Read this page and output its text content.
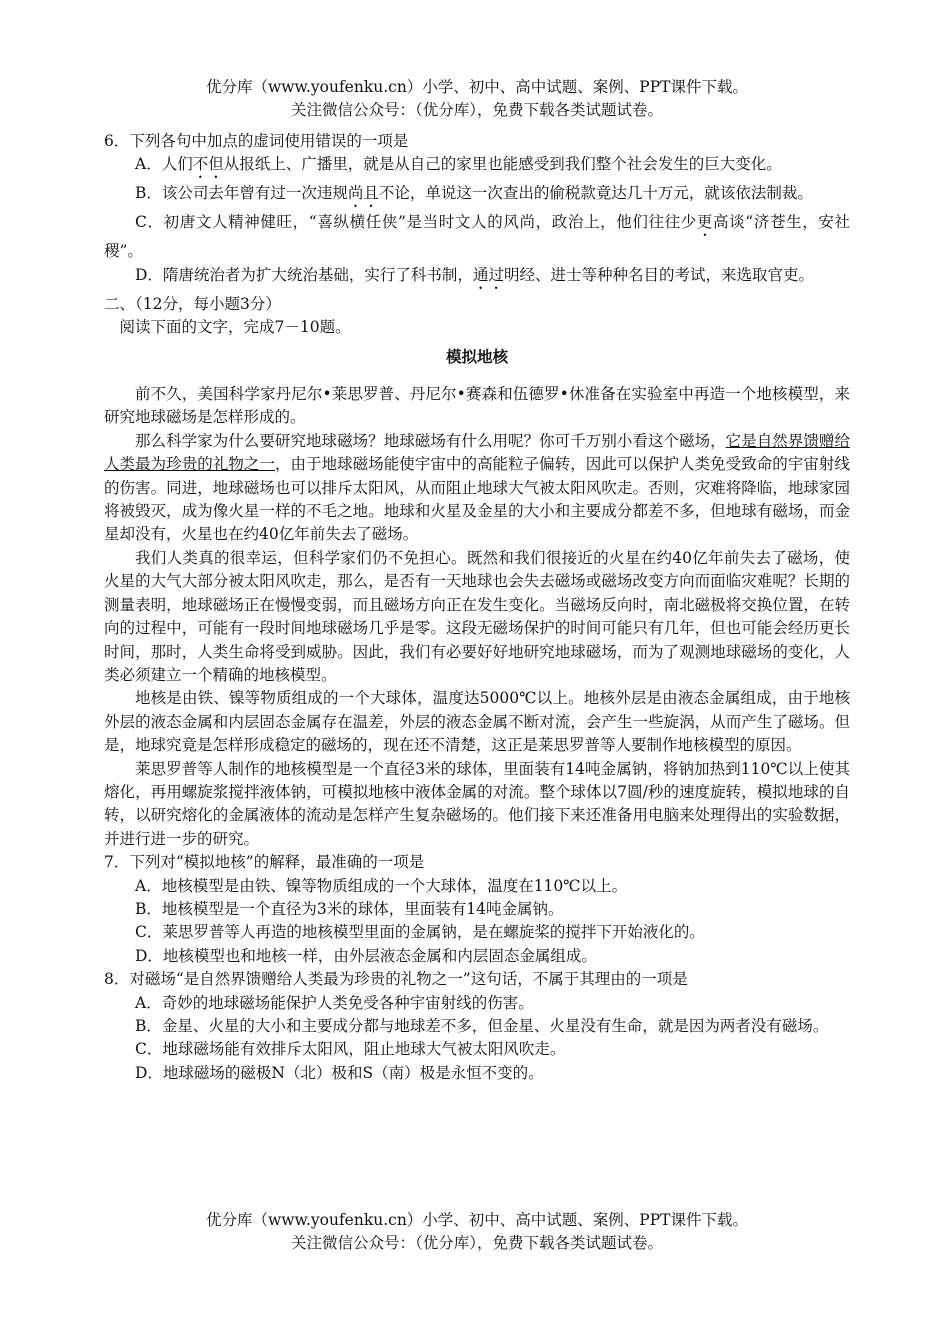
优分库（www.youfenku.cn）小学、初中、高中试题、案例、PPT课件下载。
关注微信公众号：（优分库），免费下载各类试题试卷。

6．下列各句中加点的虚词使用错误的一项是

A．人们不但从报纸上、广播里，就是从自己的家里也能感受到我们整个社会发生的巨大变化。

B．该公司去年曾有过一次违规尚且不论，单说这一次查出的偷税款竟达几十万元，就该依法制裁。

C．初唐文人精神健旺，“喜纵横任侠”是当时文人的风尚，政治上，他们往往少更高谈“济苍生，安社稷”。

D．隋唐统治者为扩大统治基础，实行了科书制，通过明经、进士等种种名目的考试，来选取官吏。

二、（12分，每小题3分）

阅读下面的文字，完成7－10题。

模拟地核

前不久，美国科学家丹尼尔•莱思罗普、丹尼尔•赛森和伍德罗•休准备在实验室中再造一个地核模型，来研究地球磁场是怎样形成的。

那么科学家为什么要研究地球磁场？地球磁场有什么用呢？你可千万别小看这个磁场，它是自然界馈赠给人类最为珍贵的礼物之一，由于地球磁场能使宇宙中的高能粒子偏转，因此可以保护人类免受致命的宇宙射线的伤害。同进，地球磁场也可以排斥太阳风，从而阻止地球大气被太阳风吹走。否则，灾难将降临，地球家园将被毁灭，成为像火星一样的不毛之地。地球和火星及金星的大小和主要成分都差不多，但地球有磁场，而金星却没有，火星也在约40亿年前失去了磁场。

我们人类真的很幸运，但科学家们仍不免担心。既然和我们很接近的火星在约40亿年前失去了磁场，使火星的大气大部分被太阳风吹走，那么，是否有一天地球也会失去磁场或磁场改变方向而面临灾难呢？长期的测量表明，地球磁场正在慢慢变弱，而且磁场方向正在发生变化。当磁场反向时，南北磁极将交换位置，在转向的过程中，可能有一段时间地球磁场几乎是零。这段无磁场保护的时间可能只有几年，但也可能会经历更长时间，那时，人类生命将受到威胁。因此，我们有必要好好地研究地球磁场，而为了观测地球磁场的变化，人类必须建立一个精确的地核模型。

地核是由铁、镍等物质组成的一个大球体，温度达5000℃以上。地核外层是由液态金属组成，由于地核外层的液态金属和内层固态金属存在温差，外层的液态金属不断对流，会产生一些旋涡，从而产生了磁场。但是，地球究竟是怎样形成稳定的磁场的，现在还不清楚，这正是莱思罗普等人要制作地核模型的原因。

莱思罗普等人制作的地核模型是一个直径3米的球体，里面装有14吨金属钠，将钠加热到110℃以上使其熔化，再用螺旋浆搅拌液体钠，可模拟地核中液体金属的对流。整个球体以7圆/秒的速度旋转，模拟地球的自转，以研究熔化的金属液体的流动是怎样产生复杂磁场的。他们接下来还准备用电脑来处理得出的实验数据，并进行进一步的研究。

7．下列对“模拟地核”的解释，最准确的一项是

A．地核模型是由铁、镍等物质组成的一个大球体，温度在110℃以上。

B．地核模型是一个直径为3米的球体，里面装有14吨金属钠。

C．莱思罗普等人再造的地核模型里面的金属钠，是在螺旋桨的搅拌下开始液化的。

D．地核模型也和地核一样，由外层液态金属和内层固态金属组成。

8．对磁场“是自然界馈赠给人类最为珍贵的礼物之一”这句话，不属于其理由的一项是

A．奇妙的地球磁场能保护人类免受各种宇宙射线的伤害。

B．金星、火星的大小和主要成分都与地球差不多，但金星、火星没有生命，就是因为两者没有磁场。

C．地球磁场能有效排斥太阳风，阻止地球大气被太阳风吹走。

D．地球磁场的磁极N（北）极和S（南）极是永恒不变的。

优分库（www.youfenku.cn）小学、初中、高中试题、案例、PPT课件下载。
关注微信公众号：（优分库），免费下载各类试题试卷。
